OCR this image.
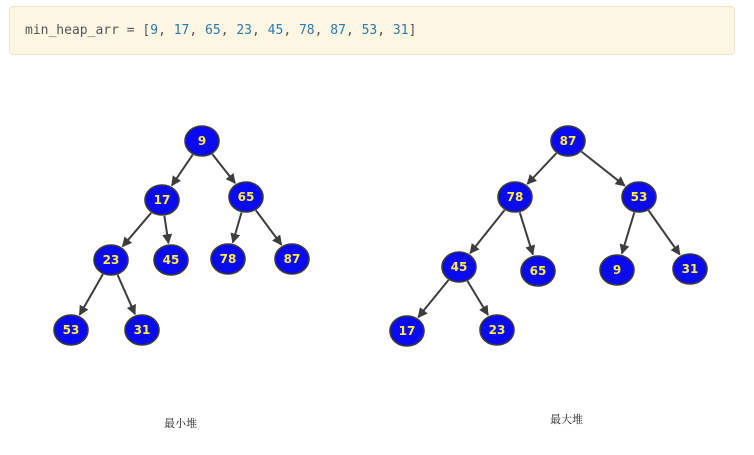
min_heap_arr = [9, 17, 65, 23, 45, 78, 87, 53, 31]
9
17	65
23	45	78	87
53	31
87
78	53
45	65	9	31
17	23
最小堆	最大堆
